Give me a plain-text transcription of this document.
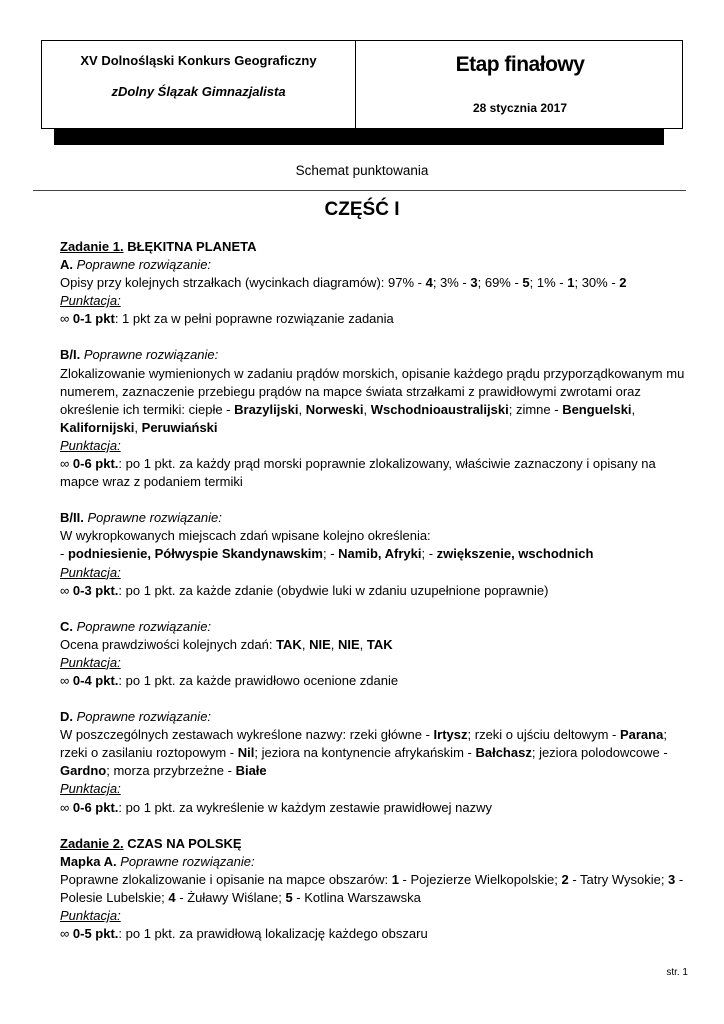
XV Dolnośląski Konkurs Geograficzny
zDolny Ślązak Gimnazjalista
Etap finałowy
28 stycznia 2017
Schemat punktowania
CZĘŚĆ I

Zadanie 1. BŁĘKITNA PLANETA

A. Poprawne rozwiązanie:

Opisy przy kolejnych strzałkach (wycinkach diagramów): 97% - 4; 3% - 3; 69% - 5; 1% - 1; 30% - 2

Punktacja:

∞ 0-1 pkt: 1 pkt za w pełni poprawne rozwiązanie zadania

B/I. Poprawne rozwiązanie:

Zlokalizowanie wymienionych w zadaniu prądów morskich, opisanie każdego prądu przyporządkowanym mu numerem, zaznaczenie przebiegu prądów na mapce świata strzałkami z prawidłowymi zwrotami oraz określenie ich termiki: ciepłe - Brazylijski, Norweski, Wschodnioaustralijski; zimne - Benguelski, Kalifornijski, Peruwiański

Punktacja:

∞ 0-6 pkt.: po 1 pkt. za każdy prąd morski poprawnie zlokalizowany, właściwie zaznaczony i opisany na mapce wraz z podaniem termiki

B/II. Poprawne rozwiązanie:

W wykropkowanych miejscach zdań wpisane kolejno określenia:

- podniesienie, Półwyspie Skandynawskim; - Namib, Afryki; - zwiększenie, wschodnich

Punktacja:

∞ 0-3 pkt.: po 1 pkt. za każde zdanie (obydwie luki w zdaniu uzupełnione poprawnie)

C. Poprawne rozwiązanie:

Ocena prawdziwości kolejnych zdań: TAK, NIE, NIE, TAK

Punktacja:

∞ 0-4 pkt.: po 1 pkt. za każde prawidłowo ocenione zdanie

D. Poprawne rozwiązanie:

W poszczególnych zestawach wykreślone nazwy: rzeki główne - Irtysz; rzeki o ujściu deltowym - Parana; rzeki o zasilaniu roztopowym - Nil; jeziora na kontynencie afrykańskim - Bałchasz; jeziora polodowcowe - Gardno; morza przybrzeżne - Białe

Punktacja:

∞ 0-6 pkt.: po 1 pkt. za wykreślenie w każdym zestawie prawidłowej nazwy

Zadanie 2. CZAS NA POLSKĘ

Mapka A. Poprawne rozwiązanie:

Poprawne zlokalizowanie i opisanie na mapce obszarów: 1 - Pojezierze Wielkopolskie; 2 - Tatry Wysokie; 3 - Polesie Lubelskie; 4 - Żuławy Wiślane; 5 - Kotlina Warszawska

Punktacja:

∞ 0-5 pkt.: po 1 pkt. za prawidłową lokalizację każdego obszaru

str. 1
